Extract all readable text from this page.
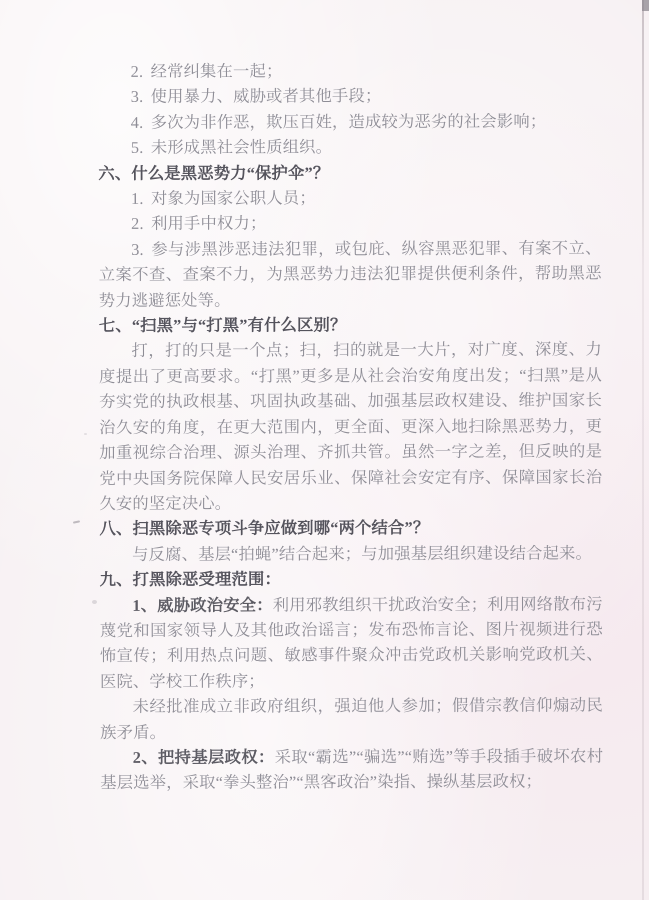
2. 经常纠集在一起；

3. 使用暴力、威胁或者其他手段；

4. 多次为非作恶，欺压百姓，造成较为恶劣的社会影响；

5. 未形成黑社会性质组织。

六、什么是黑恶势力“保护伞”？

1. 对象为国家公职人员；

2. 利用手中权力；

3. 参与涉黑涉恶违法犯罪，或包庇、纵容黑恶犯罪、有案不立、立案不查、查案不力，为黑恶势力违法犯罪提供便利条件，帮助黑恶势力逃避惩处等。

七、“扫黑”与“打黑”有什么区别？

打，打的只是一个点；扫，扫的就是一大片，对广度、深度、力度提出了更高要求。“打黑”更多是从社会治安角度出发；“扫黑”是从夯实党的执政根基、巩固执政基础、加强基层政权建设、维护国家长治久安的角度，在更大范围内，更全面、更深入地扫除黑恶势力，更加重视综合治理、源头治理、齐抓共管。虽然一字之差，但反映的是党中央国务院保障人民安居乐业、保障社会安定有序、保障国家长治久安的坚定决心。

八、扫黑除恶专项斗争应做到哪“两个结合”？

与反腐、基层“拍蝇”结合起来；与加强基层组织建设结合起来。

九、打黑除恶受理范围：

1、威胁政治安全：利用邪教组织干扰政治安全；利用网络散布污蔑党和国家领导人及其他政治谣言；发布恐怖言论、图片视频进行恐怖宣传；利用热点问题、敏感事件聚众冲击党政机关影响党政机关、医院、学校工作秩序；

未经批准成立非政府组织，强迫他人参加；假借宗教信仰煽动民族矛盾。

2、把持基层政权：采取“霸选”“骗选”“贿选”等手段插手破坏农村基层选举，采取“拳头整治”“黑客政治”染指、操纵基层政权；
